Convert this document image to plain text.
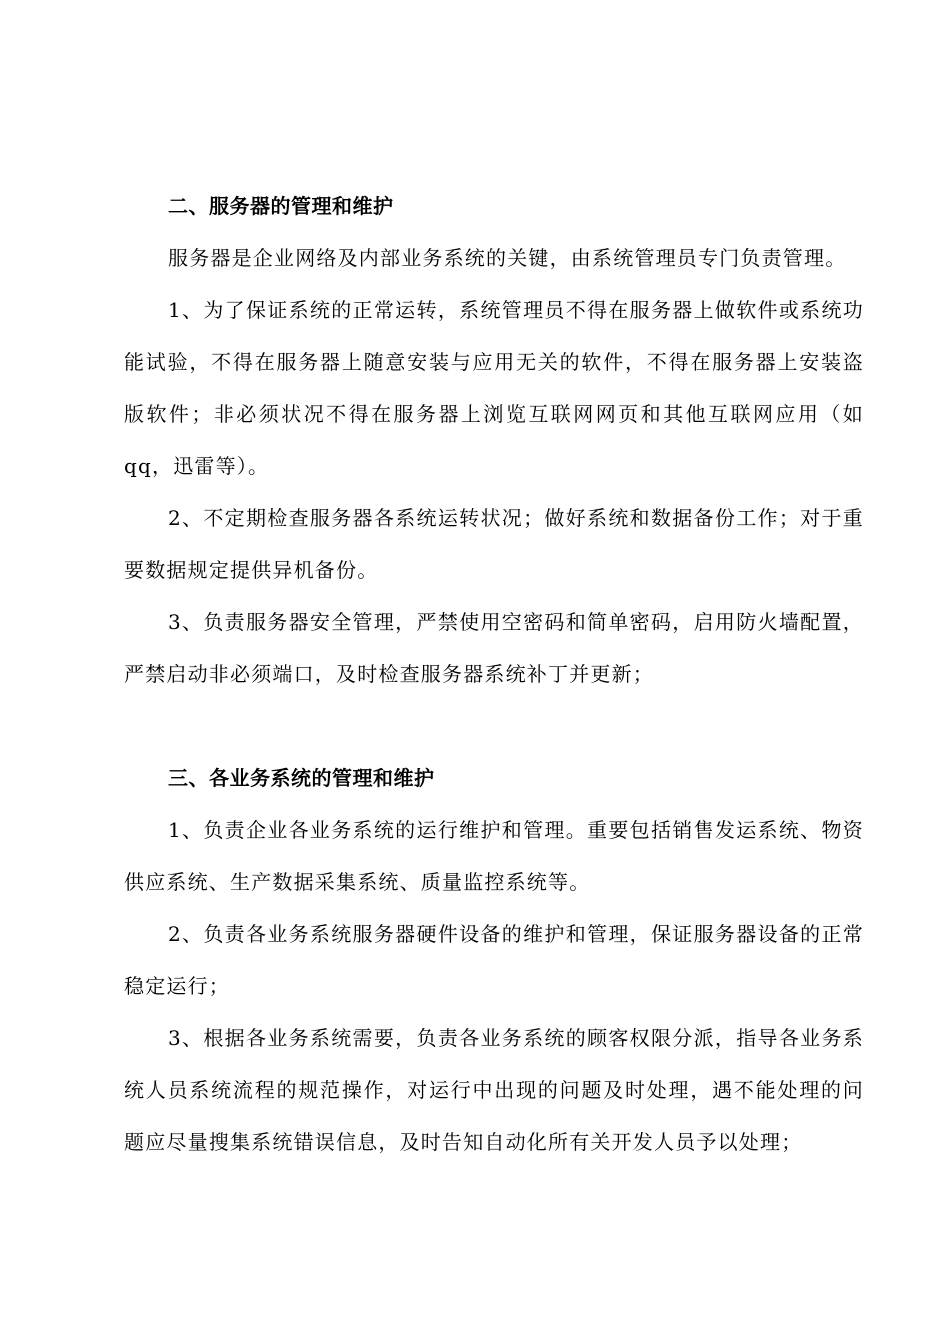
二、服务器的管理和维护

服务器是企业网络及内部业务系统的关键，由系统管理员专门负责管理。

1、为了保证系统的正常运转，系统管理员不得在服务器上做软件或系统功能试验，不得在服务器上随意安装与应用无关的软件，不得在服务器上安装盗版软件；非必须状况不得在服务器上浏览互联网网页和其他互联网应用（如qq，迅雷等）。

2、不定期检查服务器各系统运转状况；做好系统和数据备份工作；对于重要数据规定提供异机备份。

3、负责服务器安全管理，严禁使用空密码和简单密码，启用防火墙配置，严禁启动非必须端口，及时检查服务器系统补丁并更新；

三、各业务系统的管理和维护

1、负责企业各业务系统的运行维护和管理。重要包括销售发运系统、物资供应系统、生产数据采集系统、质量监控系统等。

2、负责各业务系统服务器硬件设备的维护和管理，保证服务器设备的正常稳定运行；

3、根据各业务系统需要，负责各业务系统的顾客权限分派，指导各业务系统人员系统流程的规范操作，对运行中出现的问题及时处理，遇不能处理的问题应尽量搜集系统错误信息，及时告知自动化所有关开发人员予以处理；
